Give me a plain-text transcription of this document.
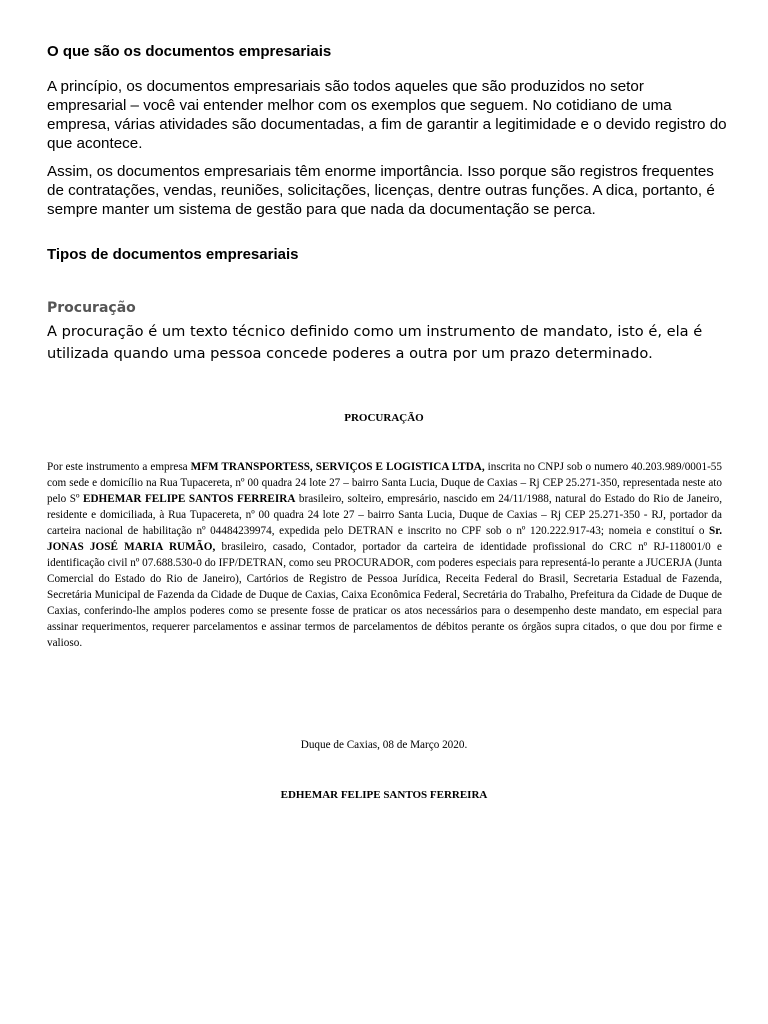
O que são os documentos empresariais

A princípio, os documentos empresariais são todos aqueles que são produzidos no setor empresarial – você vai entender melhor com os exemplos que seguem. No cotidiano de uma empresa, várias atividades são documentadas, a fim de garantir a legitimidade e o devido registro do que acontece.

Assim, os documentos empresariais têm enorme importância. Isso porque são registros frequentes de contratações, vendas, reuniões, solicitações, licenças, dentre outras funções. A dica, portanto, é sempre manter um sistema de gestão para que nada da documentação se perca.

Tipos de documentos empresariais
Procuração

A procuração é um texto técnico definido como um instrumento de mandato, isto é, ela é utilizada quando uma pessoa concede poderes a outra por um prazo determinado.

PROCURAÇÃO

Por este instrumento a empresa MFM TRANSPORTESS, SERVIÇOS E LOGISTICA LTDA, inscrita no CNPJ sob o numero 40.203.989/0001-55 com sede e domicílio na Rua Tupacereta, nº 00 quadra 24 lote 27 – bairro Santa Lucia, Duque de Caxias – Rj CEP 25.271-350, representada neste ato pelo Sº EDHEMAR FELIPE SANTOS FERREIRA brasileiro, solteiro, empresário, nascido em 24/11/1988, natural do Estado do Rio de Janeiro, residente e domiciliada, à Rua Tupacereta, nº 00 quadra 24 lote 27 – bairro Santa Lucia, Duque de Caxias – Rj CEP 25.271-350 - RJ, portador da carteira nacional de habilitação nº 04484239974, expedida pelo DETRAN e inscrito no CPF sob o nº 120.222.917-43; nomeia e constituí o Sr. JONAS JOSÉ MARIA RUMÃO, brasileiro, casado, Contador, portador da carteira de identidade profissional do CRC nº RJ-118001/0 e identificação civil nº 07.688.530-0 do IFP/DETRAN, como seu PROCURADOR, com poderes especiais para representá-lo perante a JUCERJA (Junta Comercial do Estado do Rio de Janeiro), Cartórios de Registro de Pessoa Jurídica, Receita Federal do Brasil, Secretaria Estadual de Fazenda, Secretária Municipal de Fazenda da Cidade de Duque de Caxias, Caixa Econômica Federal, Secretária do Trabalho, Prefeitura da Cidade de Duque de Caxias, conferindo-lhe amplos poderes como se presente fosse de praticar os atos necessários para o desempenho deste mandato, em especial para assinar requerimentos, requerer parcelamentos e assinar termos de parcelamentos de débitos perante os órgãos supra citados, o que dou por firme e valioso.

Duque de Caxias, 08 de Março 2020.
EDHEMAR FELIPE SANTOS FERREIRA
